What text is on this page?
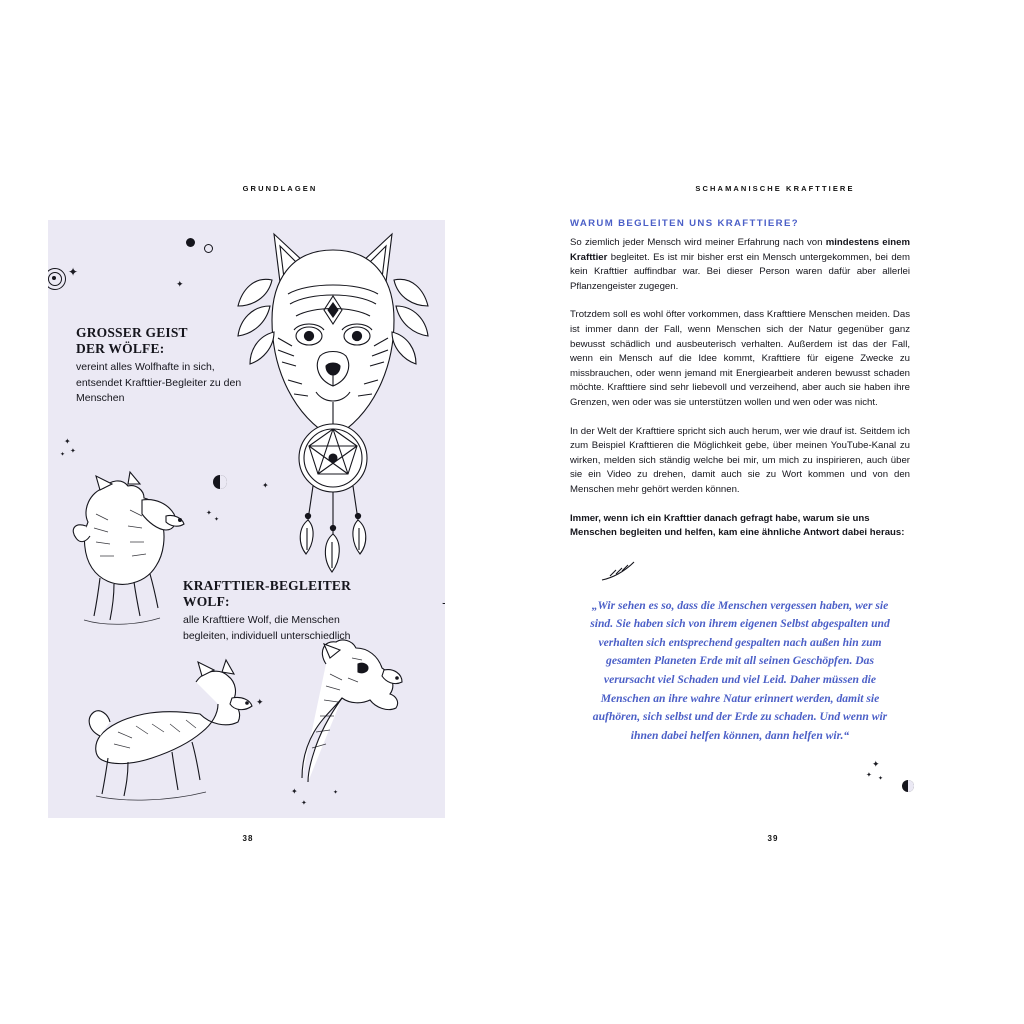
GRUNDLAGEN
✦
✦
✦
✦
✦
✦
✦
✦
✦
✦
✦
✦
GROSSER GEIST
DER WÖLFE:
vereint alles Wolfhafte in sich, entsendet Krafttier-Begleiter zu den Menschen
KRAFTTIER-BEGLEITER WOLF:
alle Krafttiere Wolf, die Menschen begleiten, individuell unterschiedlich
38
SCHAMANISCHE KRAFTTIERE
WARUM BEGLEITEN UNS KRAFTTIERE?

So ziemlich jeder Mensch wird meiner Erfahrung nach von mindestens einem Krafttier begleitet. Es ist mir bisher erst ein Mensch untergekommen, bei dem kein Krafttier auffindbar war. Bei dieser Person waren dafür aber allerlei Pflanzengeister zugegen.

Trotzdem soll es wohl öfter vorkommen, dass Krafttiere Menschen meiden. Das ist immer dann der Fall, wenn Menschen sich der Natur gegenüber ganz bewusst schädlich und ausbeuterisch verhalten. Außerdem ist das der Fall, wenn ein Mensch auf die Idee kommt, Krafttiere für eigene Zwecke zu missbrauchen, oder wenn jemand mit Energiearbeit anderen bewusst schaden möchte. Krafttiere sind sehr liebevoll und verzeihend, aber auch sie haben ihre Grenzen, wen oder was sie unterstützen wollen und wen oder was nicht.

In der Welt der Krafttiere spricht sich auch herum, wer wie drauf ist. Seitdem ich zum Beispiel Krafttieren die Möglichkeit gebe, über meinen YouTube-Kanal zu wirken, melden sich ständig welche bei mir, um mich zu inspirieren, auch über sie ein Video zu drehen, damit auch sie zu Wort kommen und von den Menschen mehr gehört werden können.

Immer, wenn ich ein Krafttier danach gefragt habe, warum sie uns Menschen begleiten und helfen, kam eine ähnliche Antwort dabei heraus:

„Wir sehen es so, dass die Menschen vergessen haben, wer sie sind. Sie haben sich von ihrem eigenen Selbst abgespalten und verhalten sich entsprechend gespalten nach außen hin zum gesamten Planeten Erde mit all seinen Geschöpfen. Das verursacht viel Schaden und viel Leid. Daher müssen die Menschen an ihre wahre Natur erinnert werden, damit sie aufhören, sich selbst und der Erde zu schaden. Und wenn wir ihnen dabei helfen können, dann helfen wir.“
✦
✦ ✦
39
